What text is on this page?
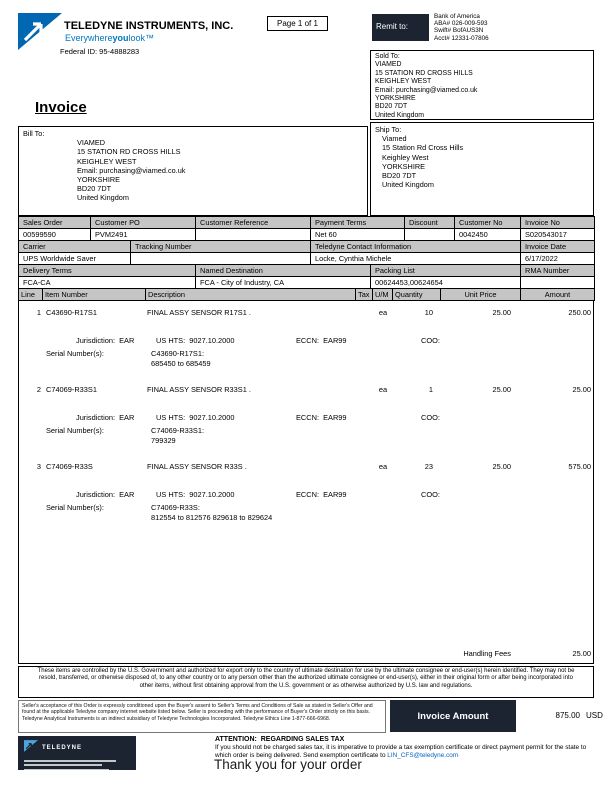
TELEDYNE INSTRUMENTS, INC.
Everywhereyoulook™
Federal ID: 95-4888283
Page 1 of 1	Remit to:
Bank of America
ABA# 026-009-593
Swift# BofAUS3N
Acct# 12331-07806
Sold To:
VIAMED
15 STATION RD CROSS HILLS
KEIGHLEY WEST
Email: purchasing@viamed.co.uk
YORKSHIRE
BD20 7DT
United Kingdom
Invoice
Bill To:
VIAMED
15 STATION RD CROSS HILLS
KEIGHLEY WEST
Email: purchasing@viamed.co.uk
YORKSHIRE
BD20 7DT
United Kingdom
Ship To:
Viamed
15 Station Rd Cross Hills
Keighley West
YORKSHIRE
BD20 7DT
United Kingdom
Sales Order	Customer PO	Customer Reference	Payment Terms	Discount	Customer No	Invoice No
00599590	PVM2491		Net 60		0042450	S020543017
Carrier	Tracking Number	Teledyne Contact Information	Invoice Date
UPS Worldwide Saver		Locke, Cynthia Michele	6/17/2022
Delivery Terms	Named Destination	Packing List	RMA Number
FCA-CA	FCA - City of Industry, CA	00624453,00624654	
Line	Item Number	Description	Tax	U/M	Quantity	Unit Price	Amount
1 C43690-R17S1	FINAL ASSY SENSOR R17S1 .	ea	10	25.00	250.00
Jurisdiction:  EAR	US HTS:  9027.10.2000	ECCN:  EAR99	COO:
Serial Number(s):	C43690-R17S1:
685450 to 685459
2 C74069-R33S1	FINAL ASSY SENSOR R33S1 .	ea	1	25.00	25.00
Jurisdiction:  EAR	US HTS:  9027.10.2000	ECCN:  EAR99	COO:
Serial Number(s):	C74069-R33S1:
799329
3 C74069-R33S	FINAL ASSY SENSOR R33S .	ea	23	25.00	575.00
Jurisdiction:  EAR	US HTS:  9027.10.2000	ECCN:  EAR99	COO:
Serial Number(s):	C74069-R33S:
812554 to 812576 829618 to 829624
Handling Fees	25.00
These items are controlled by the U.S. Government and authorized for export only to the country of ultimate destination for use by the ultimate consignee or end-user(s) herein identified. They may not be resold, transferred, or otherwise disposed of, to any other country or to any person other than the authorized ultimate consignee or end-user(s), either in their original form or after being incorporated into other items, without first obtaining approval from the U.S. government or as otherwise authorized by U.S. law and regulations.
Seller's acceptance of this Order is expressly conditioned upon the Buyer's assent to Seller's Terms and Conditions of Sale as stated in Seller's Offer and found at the applicable Teledyne company internet website listed below. Seller is proceeding with the performance of Buyer's Order strictly on this basis. Teledyne Analytical Instruments is an indirect subsidiary of Teledyne Technologies Incorporated. Teledyne Ethics Line 1-877-666-6968.	Invoice Amount	875.00 USD
TELEDYNE
ATTENTION:  REGARDING SALES TAX
If you should not be charged sales tax, it is imperative to provide a tax exemption certificate or direct payment permit for the state to which order is being delivered. Send exemption certificate to LIN_CFS@teledyne.com
Thank you for your order
